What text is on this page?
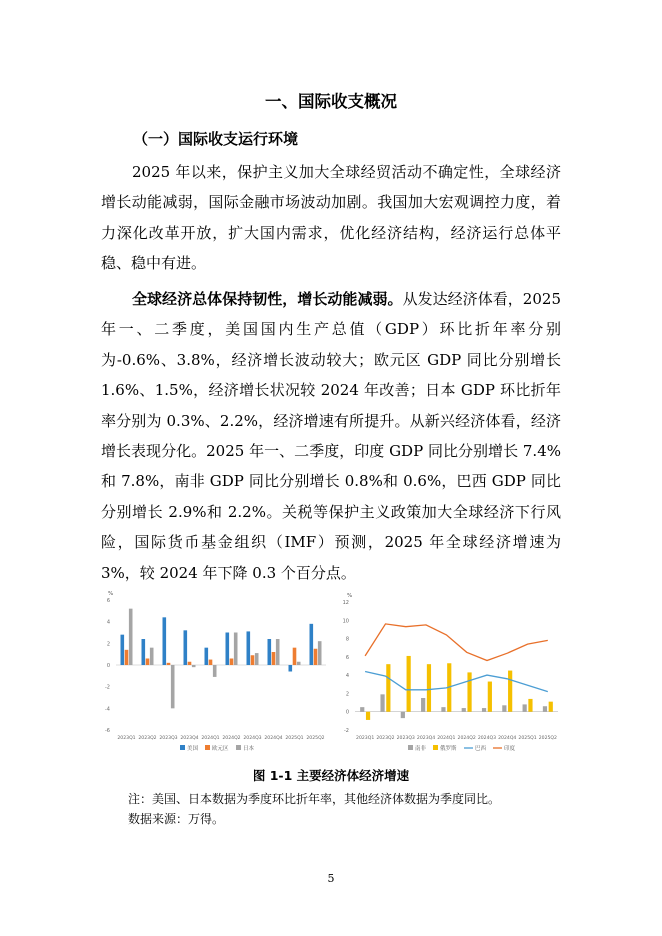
一、国际收支概况
（一）国际收支运行环境
2025 年以来，保护主义加大全球经贸活动不确定性，全球经济增长动能减弱，国际金融市场波动加剧。我国加大宏观调控力度，着力深化改革开放，扩大国内需求，优化经济结构，经济运行总体平稳、稳中有进。
全球经济总体保持韧性，增长动能减弱。从发达经济体看，2025 年一、二季度，美国国内生产总值（GDP）环比折年率分别为-0.6%、3.8%，经济增长波动较大；欧元区 GDP 同比分别增长 1.6%、1.5%，经济增长状况较 2024 年改善；日本 GDP 环比折年率分别为 0.3%、2.2%，经济增速有所提升。从新兴经济体看，经济增长表现分化。2025 年一、二季度，印度 GDP 同比分别增长 7.4%和 7.8%，南非 GDP 同比分别增长 0.8%和 0.6%，巴西 GDP 同比分别增长 2.9%和 2.2%。关税等保护主义政策加大全球经济下行风险，国际货币基金组织（IMF）预测，2025 年全球经济增速为 3%，较 2024 年下降 0.3 个百分点。
%
6
4
2
0
-2
-4
-6
2023Q1 2023Q2 2023Q3 2023Q4 2024Q1 2024Q2 2024Q3 2024Q4 2025Q1 2025Q2
美国	欧元区	日本
%
12
10
8
6
4
2
0
-2
2023Q1 2023Q2 2023Q3 2023Q4 2024Q1 2024Q2 2024Q3 2024Q4 2025Q1 2025Q2
南非	俄罗斯	巴西	印度
图 1-1 主要经济体经济增速
注：美国、日本数据为季度环比折年率，其他经济体数据为季度同比。
数据来源：万得。
5
